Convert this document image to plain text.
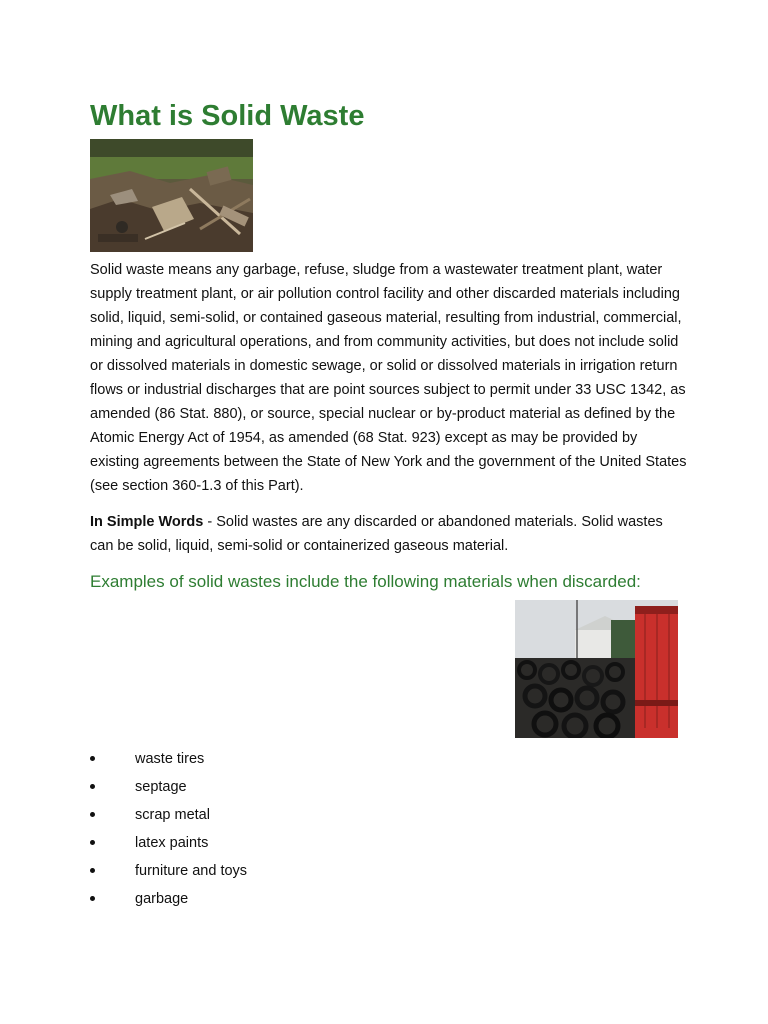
What is Solid Waste

Solid waste means any garbage, refuse, sludge from a wastewater treatment plant, water supply treatment plant, or air pollution control facility and other discarded materials including solid, liquid, semi-solid, or contained gaseous material, resulting from industrial, commercial, mining and agricultural operations, and from community activities, but does not include solid or dissolved materials in domestic sewage, or solid or dissolved materials in irrigation return flows or industrial discharges that are point sources subject to permit under 33 USC 1342, as amended (86 Stat. 880), or source, special nuclear or by-product material as defined by the Atomic Energy Act of 1954, as amended (68 Stat. 923) except as may be provided by existing agreements between the State of New York and the government of the United States (see section 360-1.3 of this Part).

In Simple Words - Solid wastes are any discarded or abandoned materials. Solid wastes can be solid, liquid, semi-solid or containerized gaseous material.

Examples of solid wastes include the following materials when discarded:
waste tires
septage
scrap metal
latex paints
furniture and toys
garbage
